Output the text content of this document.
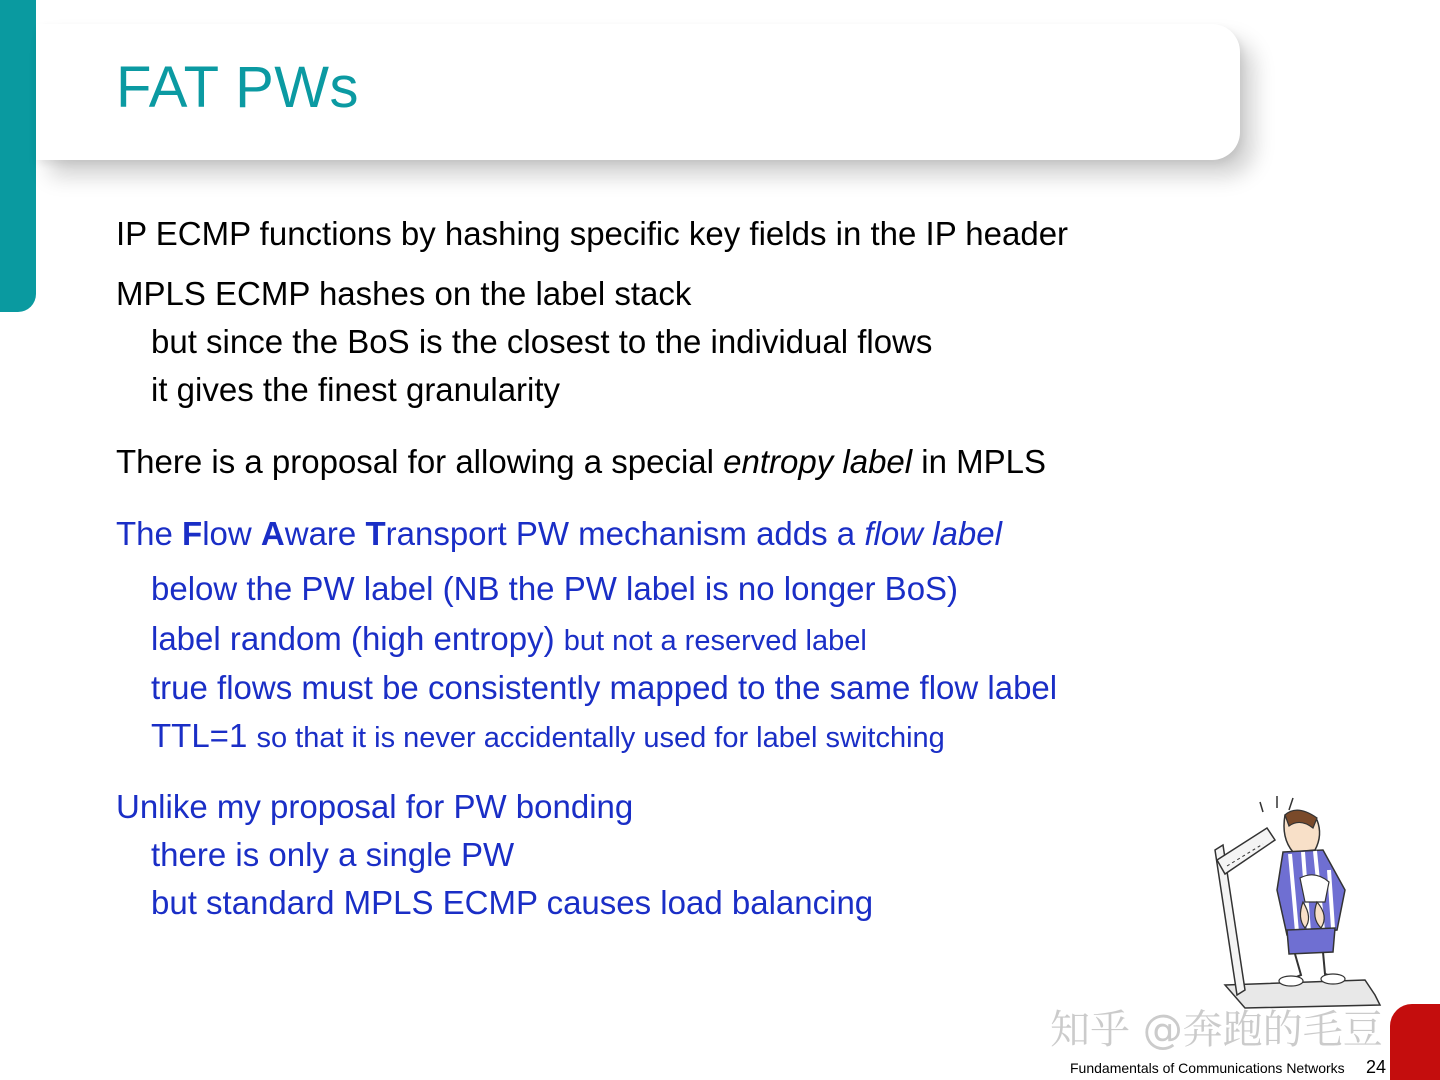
FAT PWs
IP ECMP functions by hashing specific key fields in the IP header
MPLS ECMP hashes on the label stack
but since the BoS is the closest to the individual flows
it gives the finest granularity
There is a proposal for allowing a special entropy label in MPLS
The Flow Aware Transport PW mechanism adds a flow label
below the PW label (NB the PW label is no longer BoS)
label random (high entropy) but not a reserved label
true flows must be consistently mapped to the same flow label
TTL=1 so that it is never accidentally used for label switching
Unlike my proposal for PW bonding
there is only a single PW
but standard MPLS ECMP causes load balancing
知乎 @奔跑的毛豆
Fundamentals of Communications Networks 24
